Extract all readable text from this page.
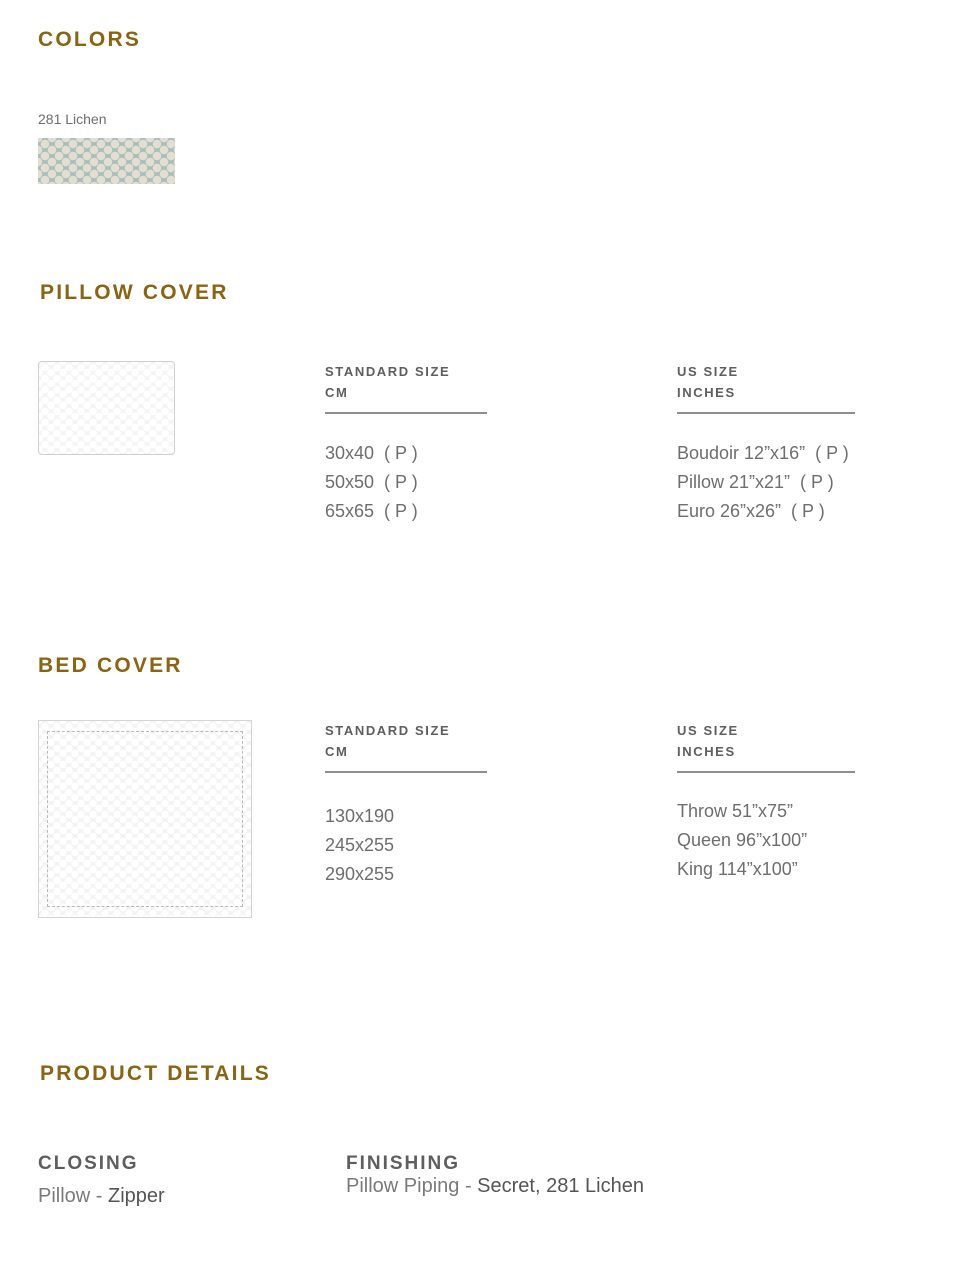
COLORS
281 Lichen
PILLOW COVER
STANDARD SIZE
CM
30x40  ( P )
50x50  ( P )
65x65  ( P )
US SIZE
INCHES
Boudoir 12”x16”  ( P )
Pillow 21”x21”  ( P )
Euro 26”x26”  ( P )
BED COVER
STANDARD SIZE
CM
130x190
245x255
290x255
US SIZE
INCHES
Throw 51”x75”
Queen 96”x100”
King 114”x100”
PRODUCT DETAILS
CLOSING
Pillow - Zipper
FINISHING
Pillow Piping - Secret, 281 Lichen
